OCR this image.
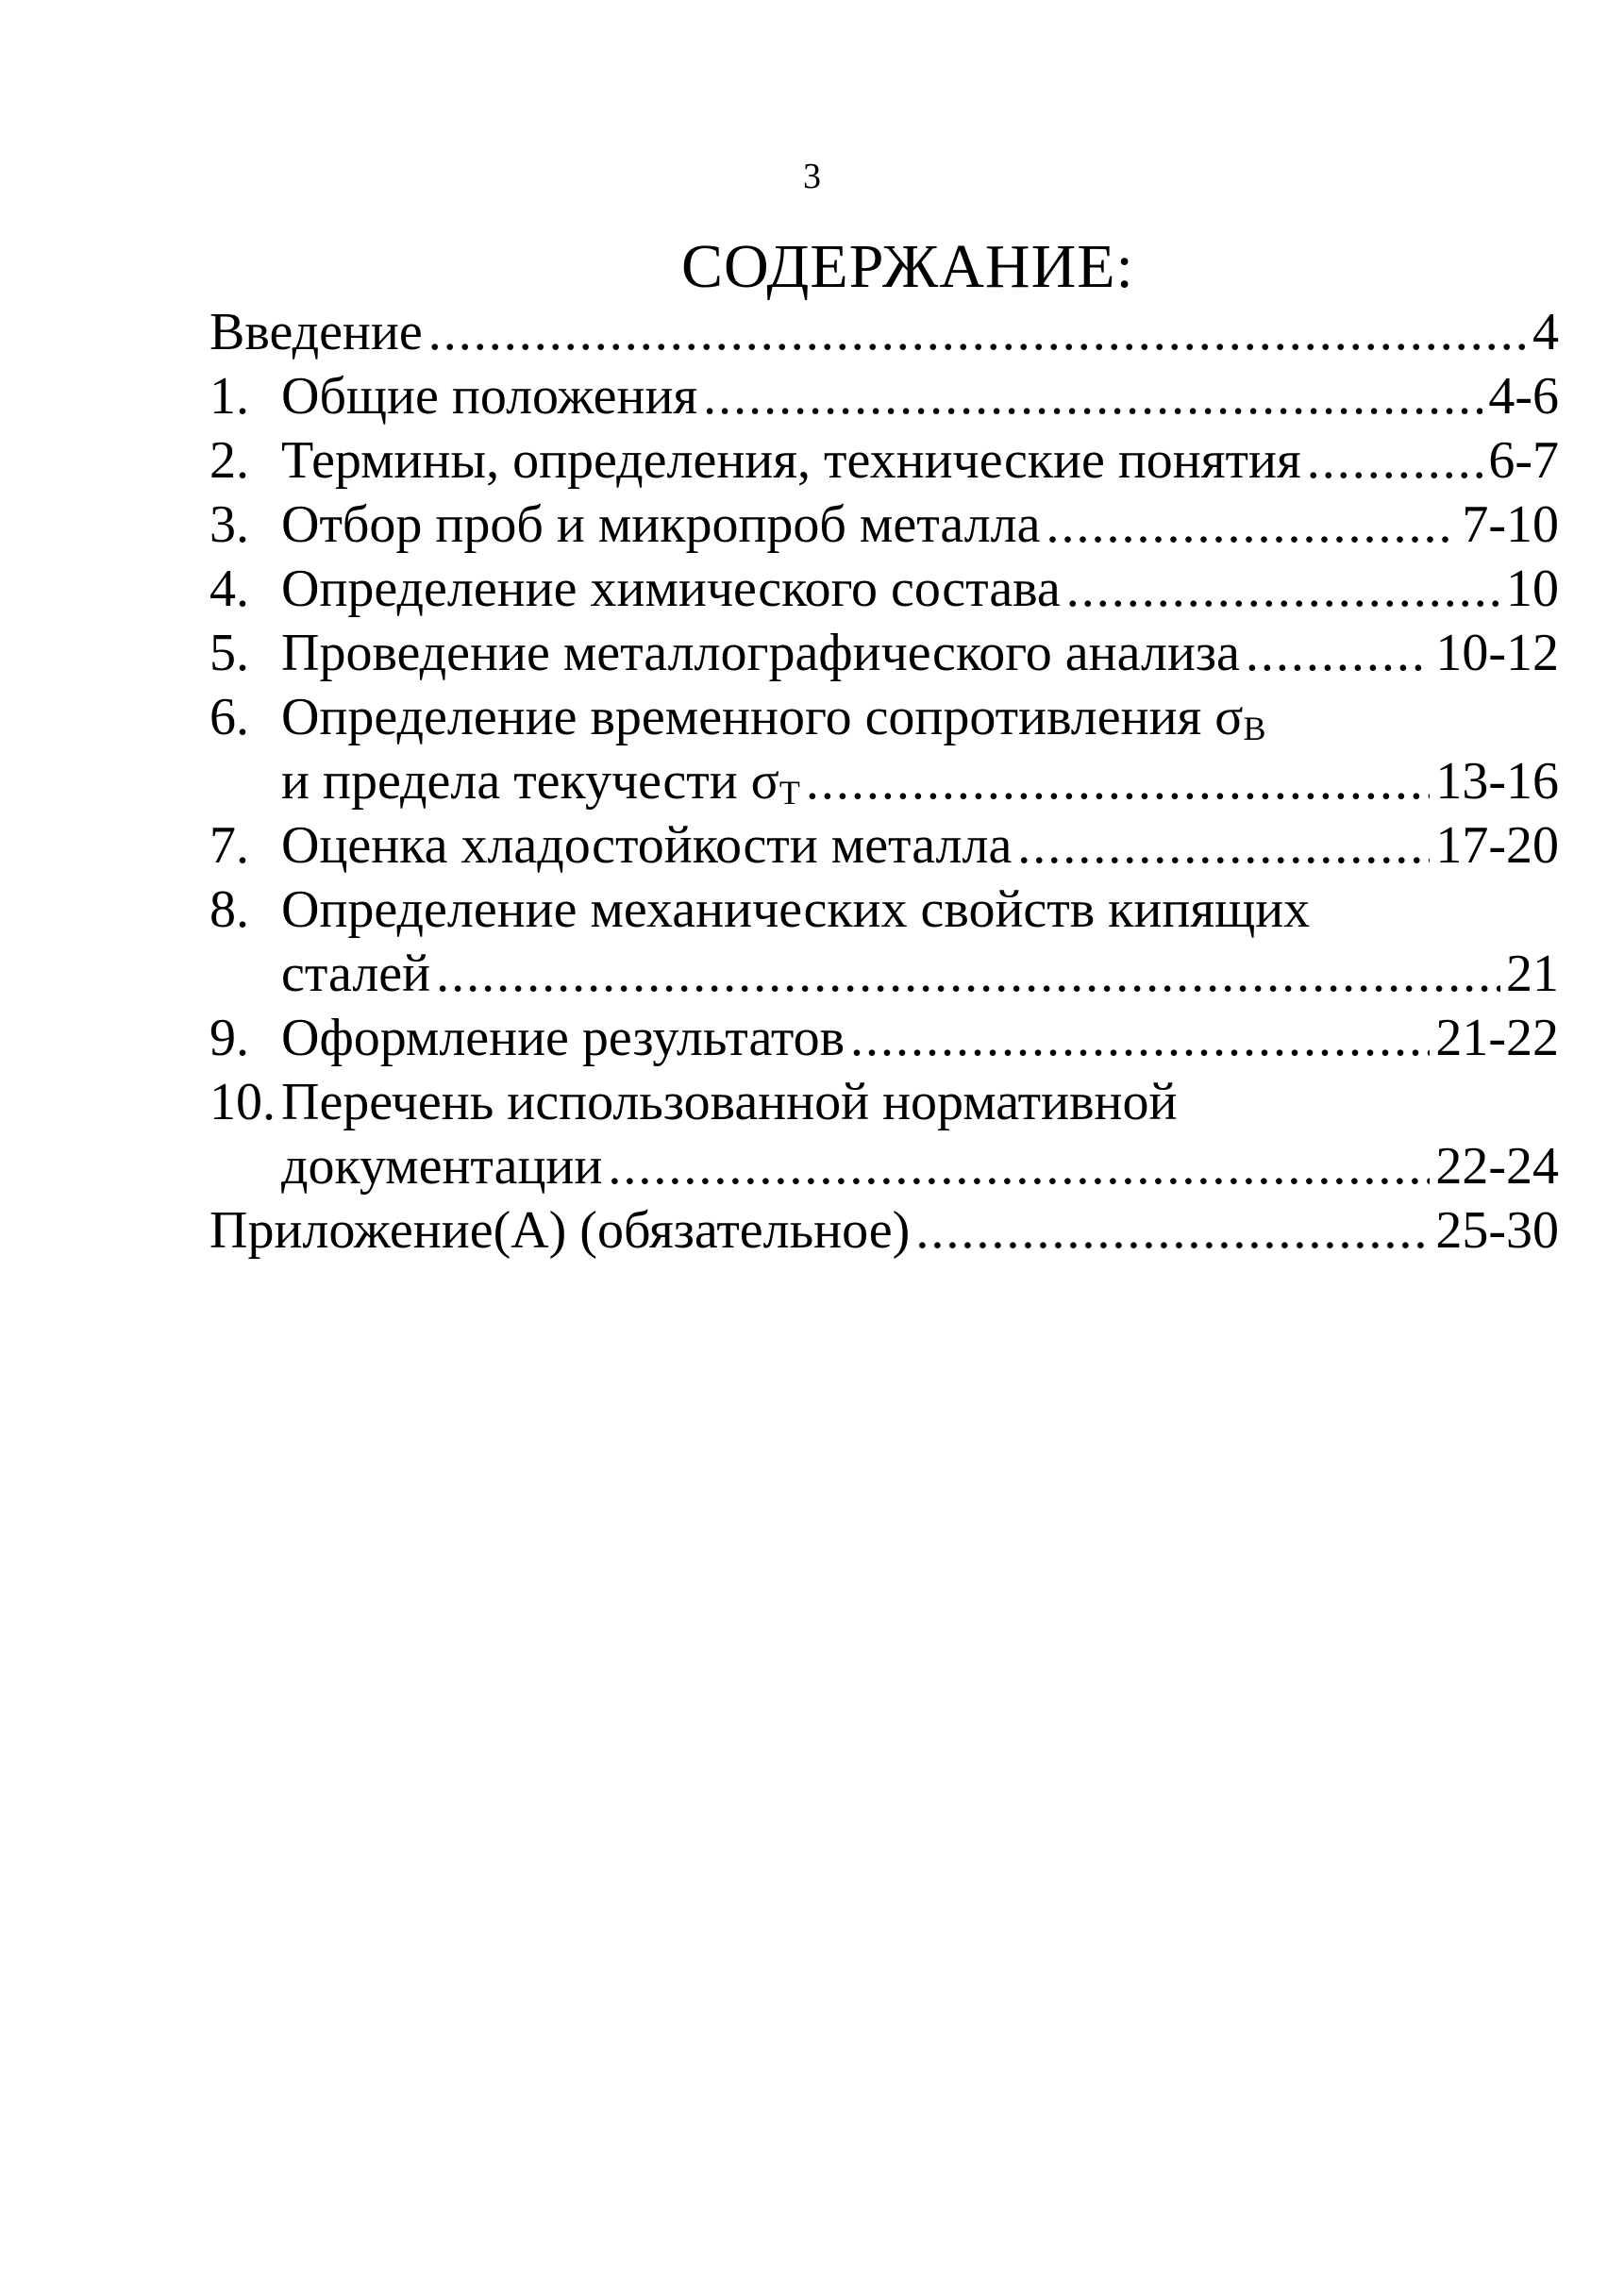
3
СОДЕРЖАНИЕ:
Введение .....	4
1. Общие положения .....	4-6
2. Термины, определения, технические понятия .....	6-7
3. Отбор проб и микропроб металла .....	7-10
4. Определение химического состава .....	10
5. Проведение металлографического анализа .....	10-12
6. Определение временного сопротивления $\sigma_В$
и предела текучести $\sigma_Т$ .....	13-16
7. Оценка хладостойкости металла .....	17-20
8. Определение механических свойств кипящих
сталей .....	21
9. Оформление результатов .....	21-22
10. Перечень использованной нормативной
документации .....	22-24
Приложение(А) (обязательное) .....	25-30
